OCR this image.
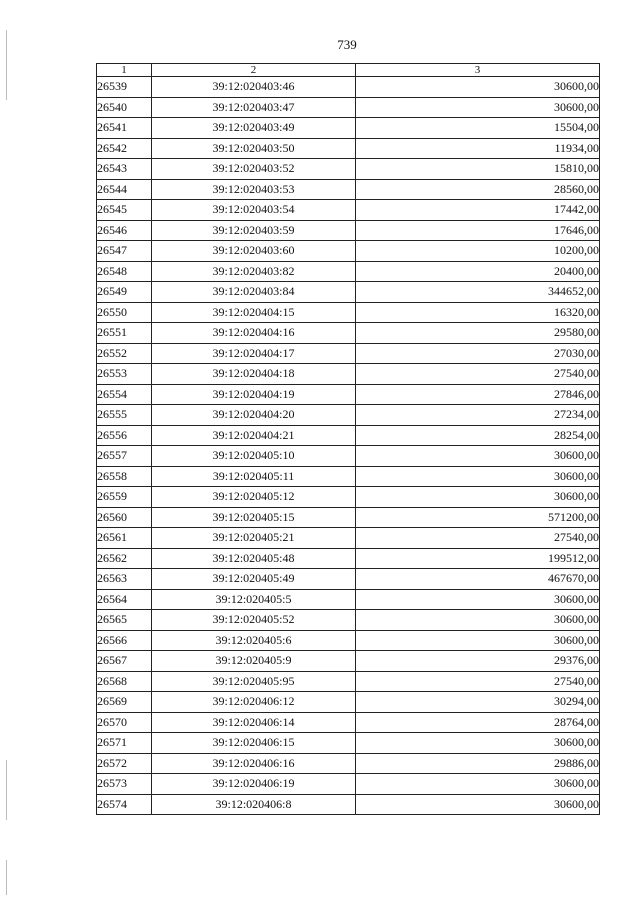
739
1	2	3
26539	39:12:020403:46	30600,00
26540	39:12:020403:47	30600,00
26541	39:12:020403:49	15504,00
26542	39:12:020403:50	11934,00
26543	39:12:020403:52	15810,00
26544	39:12:020403:53	28560,00
26545	39:12:020403:54	17442,00
26546	39:12:020403:59	17646,00
26547	39:12:020403:60	10200,00
26548	39:12:020403:82	20400,00
26549	39:12:020403:84	344652,00
26550	39:12:020404:15	16320,00
26551	39:12:020404:16	29580,00
26552	39:12:020404:17	27030,00
26553	39:12:020404:18	27540,00
26554	39:12:020404:19	27846,00
26555	39:12:020404:20	27234,00
26556	39:12:020404:21	28254,00
26557	39:12:020405:10	30600,00
26558	39:12:020405:11	30600,00
26559	39:12:020405:12	30600,00
26560	39:12:020405:15	571200,00
26561	39:12:020405:21	27540,00
26562	39:12:020405:48	199512,00
26563	39:12:020405:49	467670,00
26564	39:12:020405:5	30600,00
26565	39:12:020405:52	30600,00
26566	39:12:020405:6	30600,00
26567	39:12:020405:9	29376,00
26568	39:12:020405:95	27540,00
26569	39:12:020406:12	30294,00
26570	39:12:020406:14	28764,00
26571	39:12:020406:15	30600,00
26572	39:12:020406:16	29886,00
26573	39:12:020406:19	30600,00
26574	39:12:020406:8	30600,00
